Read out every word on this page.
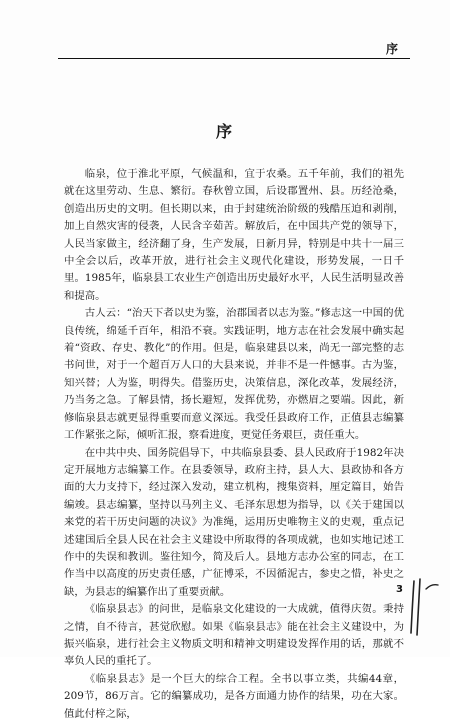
序
序

临泉，位于淮北平原，气候温和，宜于农桑。五千年前，我们的祖先就在这里劳动、生息、繁衍。春秋曾立国，后设郡置州、县。历经沧桑，创造出历史的文明。但长期以来，由于封建统治阶级的残酷压迫和剥削，加上自然灾害的侵袭，人民含辛茹苦。解放后，在中国共产党的领导下，人民当家做主，经济翻了身，生产发展，日新月异，特别是中共十一届三中全会以后，改革开放，进行社会主义现代化建设，形势发展，一日千里。1985年，临泉县工农业生产创造出历史最好水平，人民生活明显改善和提高。

古人云：“治天下者以史为鉴，治郡国者以志为鉴。”修志这一中国的优良传统，绵延千百年，相沿不衰。实践证明，地方志在社会发展中确实起着“资政、存史、教化”的作用。但是，临泉建县以来，尚无一部完整的志书问世，对于一个超百万人口的大县来说，并非不是一件憾事。古为鉴，知兴替；人为鉴，明得失。借鉴历史，决策信息，深化改革，发展经济，乃当务之急。了解县情，扬长避短，发挥优势，亦燃眉之要端。因此，新修临泉县志就更显得重要而意义深远。我受任县政府工作，正值县志编纂工作紧张之际，倾听汇报，察看进度，更觉任务艰巨，责任重大。

在中共中央、国务院倡导下，中共临泉县委、县人民政府于1982年决定开展地方志编纂工作。在县委领导，政府主持，县人大、县政协和各方面的大力支持下，经过深入发动，建立机构，搜集资料，厘定篇目，始告编竣。县志编纂，坚持以马列主义、毛泽东思想为指导，以《关于建国以来党的若干历史问题的决议》为准绳，运用历史唯物主义的史观，重点记述建国后全县人民在社会主义建设中所取得的各项成就，也如实地记述工作中的失误和教训。鉴往知今，简及后人。县地方志办公室的同志，在工作当中以高度的历史责任感，广征博采，不因循泥古，参史之惜，补史之缺，为县志的编纂作出了重要贡献。

《临泉县志》的问世，是临泉文化建设的一大成就，值得庆贺。秉持之情，自不待言，甚觉欣慰。如果《临泉县志》能在社会主义建设中，为振兴临泉，进行社会主义物质文明和精神文明建设发挥作用的话，那就不辜负人民的重托了。

《临泉县志》是一个巨大的综合工程。全书以事立类，共编44章，209节，86万言。它的编纂成功，是各方面通力协作的结果，功在大家。值此付梓之际，

3
